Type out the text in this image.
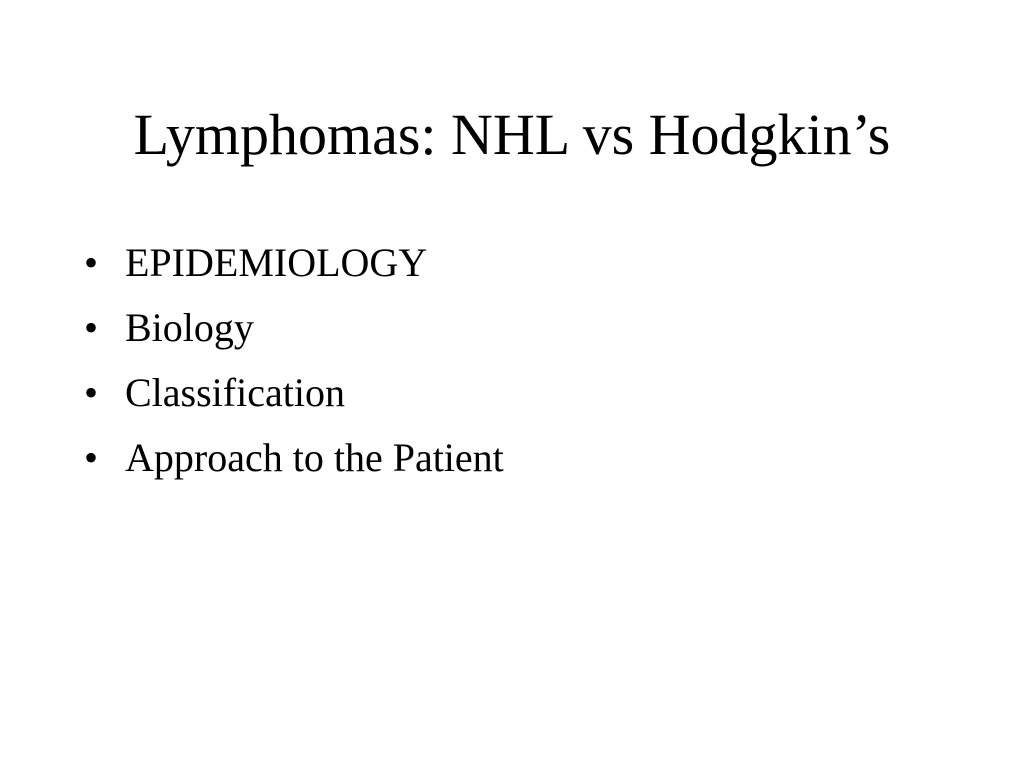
Lymphomas: NHL vs Hodgkin’s
• EPIDEMIOLOGY
• Biology
• Classification
• Approach to the Patient
